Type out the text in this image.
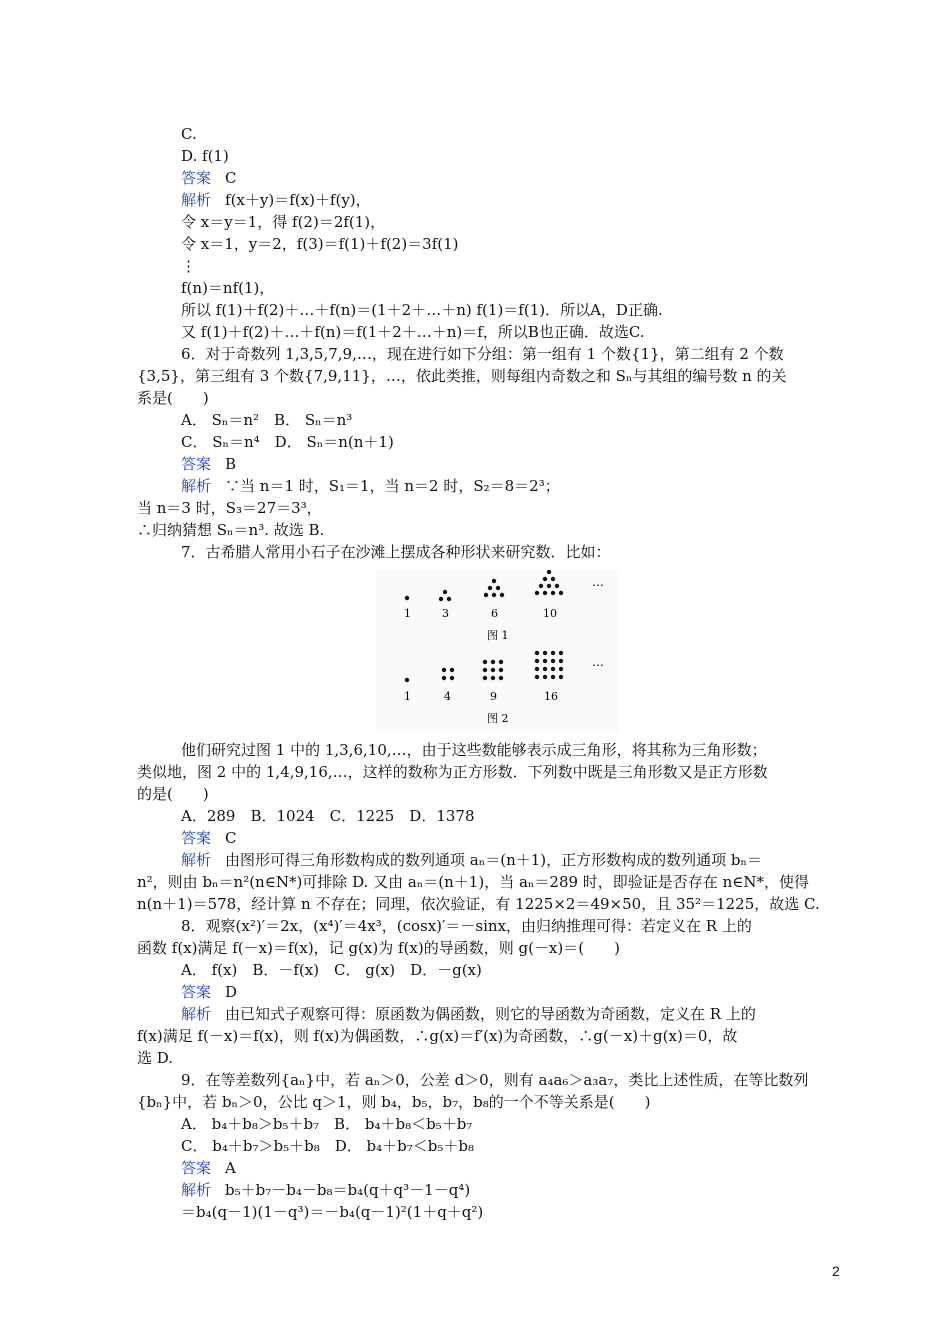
C.
D. f(1)
答案 C
解析 f(x＋y)＝f(x)＋f(y)，
令 x＝y＝1，得 f(2)＝2f(1)，
令 x＝1，y＝2，f(3)＝f(1)＋f(2)＝3f(1)
⋮
f(n)＝nf(1)，
所以 f(1)＋f(2)＋…＋f(n)＝(1＋2＋…＋n) f(1)＝f(1)．所以A，D正确.
又 f(1)＋f(2)＋…＋f(n)＝f(1＋2＋…＋n)＝f，所以B也正确．故选C.
6．对于奇数列 1,3,5,7,9,…，现在进行如下分组：第一组有 1 个数{1}，第二组有 2 个数
{3,5}，第三组有 3 个数{7,9,11}，…，依此类推，则每组内奇数之和 Sₙ与其组的编号数 n 的关
系是(　　)
A． Sₙ＝n²　B． Sₙ＝n³
C． Sₙ＝n⁴　D． Sₙ＝n(n＋1)
答案 B
解析 ∵当 n＝1 时，S₁＝1，当 n＝2 时，S₂＝8＝2³；
当 n＝3 时，S₃＝27＝3³，
∴归纳猜想 Sₙ＝n³. 故选 B.
7．古希腊人常用小石子在沙滩上摆成各种形状来研究数．比如：
…
1	3	6	10
图 1
…
1	4	9	16
图 2
他们研究过图 1 中的 1,3,6,10,…，由于这些数能够表示成三角形，将其称为三角形数；
类似地，图 2 中的 1,4,9,16,…，这样的数称为正方形数．下列数中既是三角形数又是正方形数
的是(　　)
A．289　B．1024　C．1225　D．1378
答案 C
解析 由图形可得三角形数构成的数列通项 aₙ＝(n＋1)，正方形数构成的数列通项 bₙ＝
n²，则由 bₙ＝n²(n∈N*)可排除 D. 又由 aₙ＝(n＋1)，当 aₙ＝289 时，即验证是否存在 n∈N*，使得
n(n＋1)＝578，经计算 n 不存在；同理，依次验证，有 1225×2＝49×50，且 35²＝1225，故选 C.
8．观察(x²)′＝2x，(x⁴)′＝4x³，(cosx)′＝－sinx，由归纳推理可得：若定义在 R 上的
函数 f(x)满足 f(－x)＝f(x)，记 g(x)为 f(x)的导函数，则 g(－x)＝(　　)
A． f(x)　B．－f(x)　C． g(x)　D．－g(x)
答案 D
解析 由已知式子观察可得：原函数为偶函数，则它的导函数为奇函数，定义在 R 上的
f(x)满足 f(－x)＝f(x)，则 f(x)为偶函数，∴g(x)＝f′(x)为奇函数，∴g(－x)＋g(x)＝0，故
选 D.
9．在等差数列{aₙ}中，若 aₙ＞0，公差 d＞0，则有 a₄a₆＞a₃a₇，类比上述性质，在等比数列
{bₙ}中，若 bₙ＞0，公比 q＞1，则 b₄，b₅，b₇，b₈的一个不等关系是(　　)
A． b₄＋b₈＞b₅＋b₇　B． b₄＋b₈＜b₅＋b₇
C． b₄＋b₇＞b₅＋b₈　D． b₄＋b₇＜b₅＋b₈
答案 A
解析 b₅＋b₇－b₄－b₈＝b₄(q＋q³－1－q⁴)
＝b₄(q－1)(1－q³)＝－b₄(q－1)²(1＋q＋q²)
2
